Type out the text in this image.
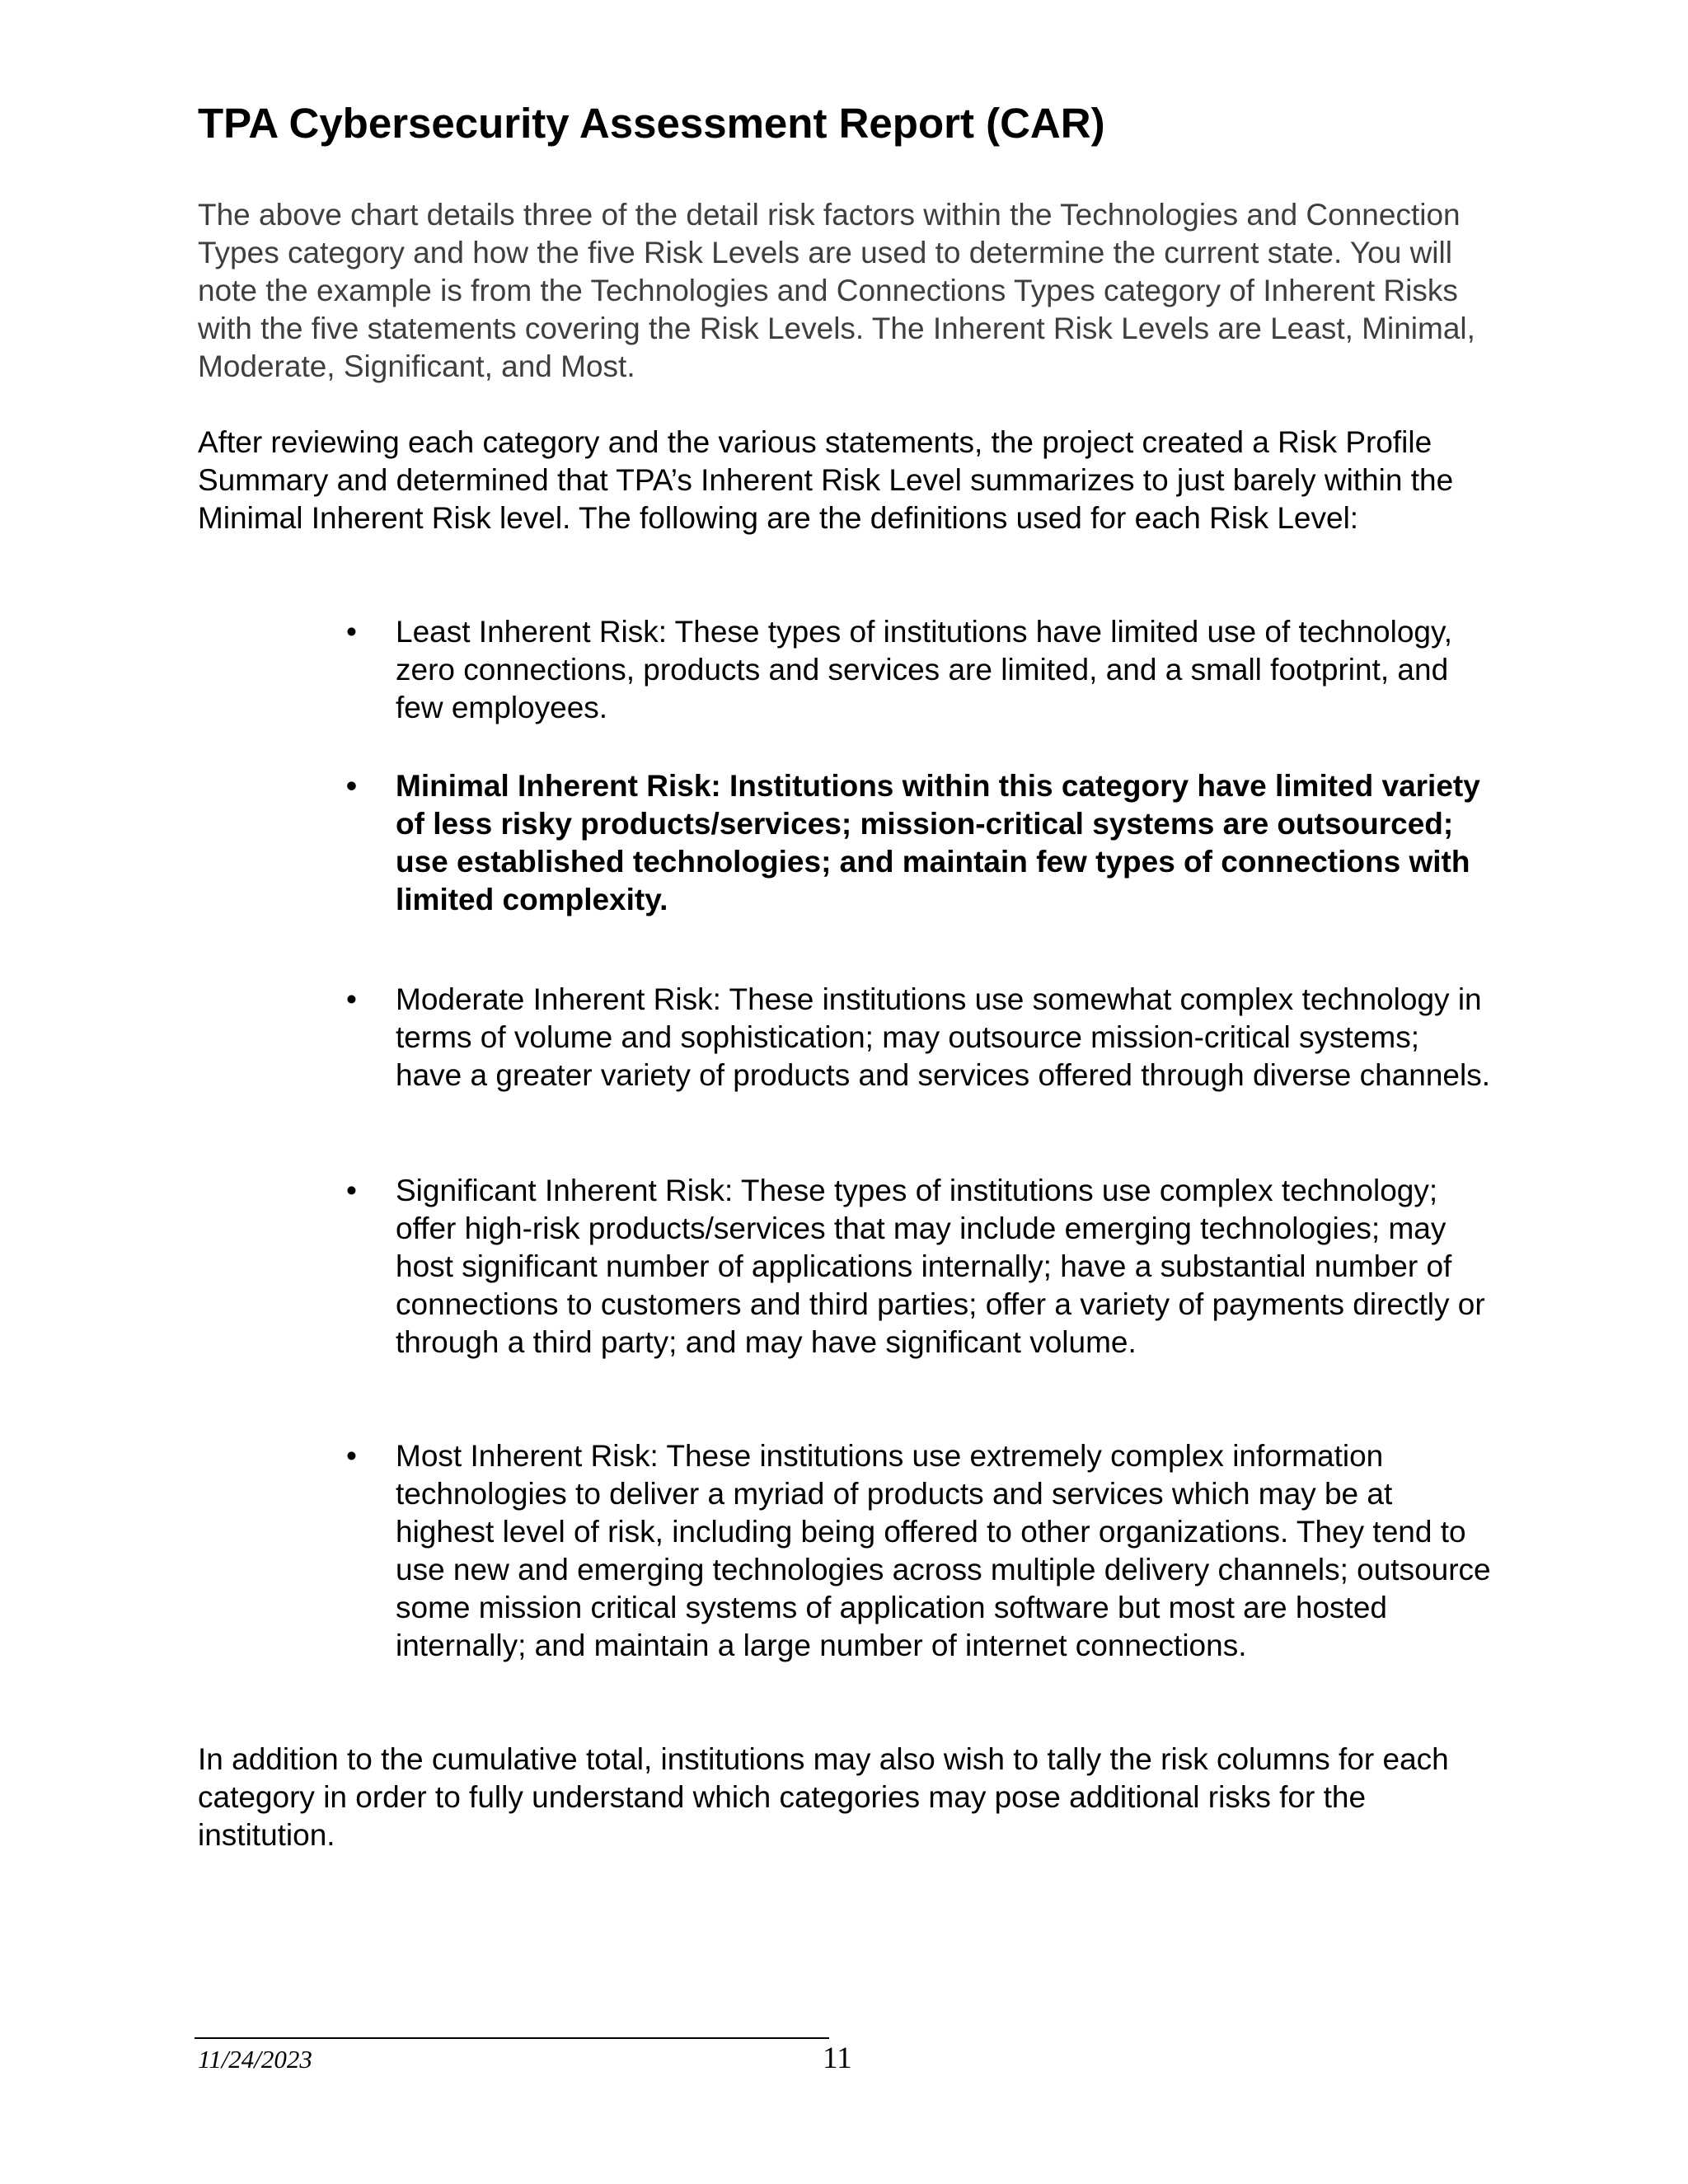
TPA Cybersecurity Assessment Report (CAR)

The above chart details three of the detail risk factors within the Technologies and Connection Types category and how the five Risk Levels are used to determine the current state. You will note the example is from the Technologies and Connections Types category of Inherent Risks with the five statements covering the Risk Levels. The Inherent Risk Levels are Least, Minimal, Moderate, Significant, and Most.

After reviewing each category and the various statements, the project created a Risk Profile Summary and determined that TPA’s Inherent Risk Level summarizes to just barely within the Minimal Inherent Risk level. The following are the definitions used for each Risk Level:

•	Least Inherent Risk: These types of institutions have limited use of technology, zero connections, products and services are limited, and a small footprint, and few employees.
•	Minimal Inherent Risk: Institutions within this category have limited variety of less risky products/services; mission-critical systems are outsourced; use established technologies; and maintain few types of connections with limited complexity.
•	Moderate Inherent Risk: These institutions use somewhat complex technology in terms of volume and sophistication; may outsource mission-critical systems; have a greater variety of products and services offered through diverse channels.
•	Significant Inherent Risk: These types of institutions use complex technology; offer high-risk products/services that may include emerging technologies; may host significant number of applications internally; have a substantial number of connections to customers and third parties; offer a variety of payments directly or through a third party; and may have significant volume.
•	Most Inherent Risk: These institutions use extremely complex information technologies to deliver a myriad of products and services which may be at highest level of risk, including being offered to other organizations. They tend to use new and emerging technologies across multiple delivery channels; outsource some mission critical systems of application software but most are hosted internally; and maintain a large number of internet connections.

In addition to the cumulative total, institutions may also wish to tally the risk columns for each category in order to fully understand which categories may pose additional risks for the institution.

11/24/2023	11
